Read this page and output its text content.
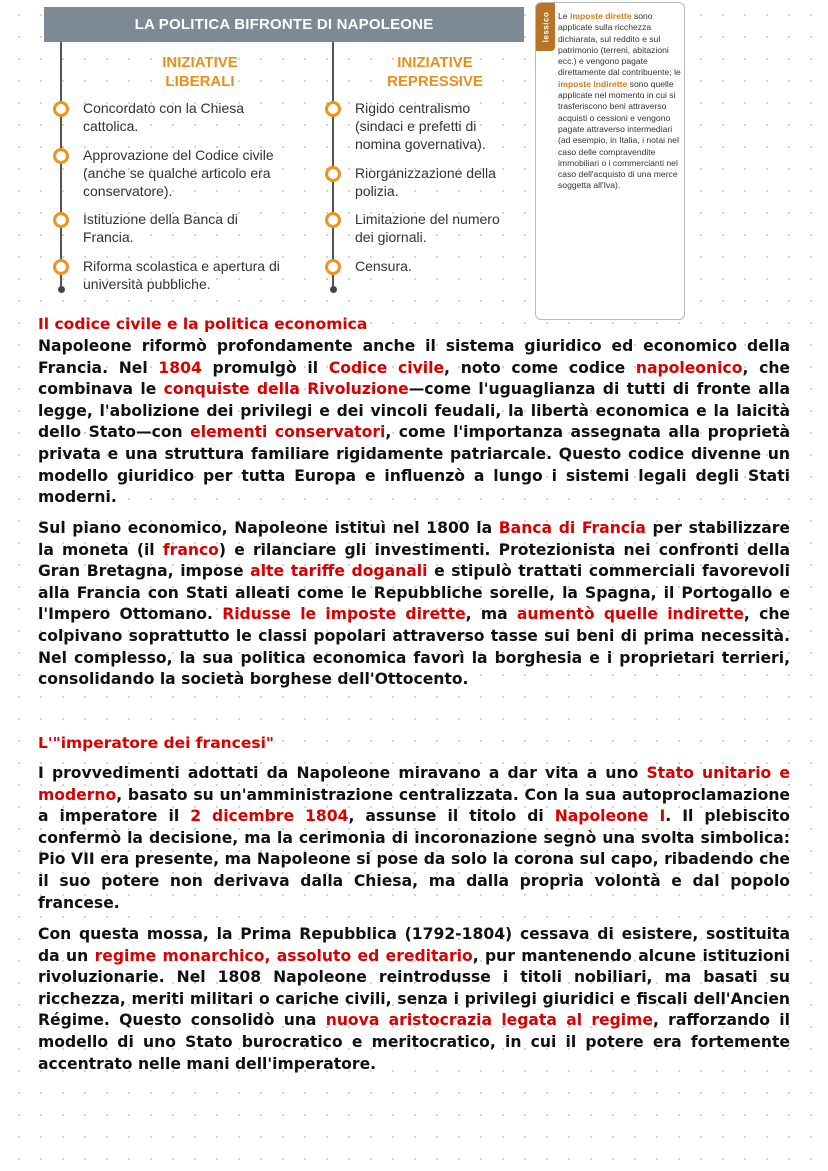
LA POLITICA BIFRONTE DI NAPOLEONE
INIZIATIVE
LIBERALI
INIZIATIVE
REPRESSIVE
Concordato con la Chiesa
cattolica.
Approvazione del Codice civile
(anche se qualche articolo era
conservatore).
Istituzione della Banca di
Francia.
Riforma scolastica e apertura di
università pubbliche.
Rigido centralismo
(sindaci e prefetti di
nomina governativa).
Riorganizzazione della
polizia.
Limitazione del numero
dei giornali.
Censura.
lessico Le imposte dirette sono applicate sulla ricchezza dichiarata, sul reddito e sul patrimonio (terreni, abitazioni ecc.) e vengono pagate direttamente dal contribuente; le imposte indirette sono quelle applicate nel momento in cui si trasferiscono beni attraverso acquisti o cessioni e vengono pagate attraverso intermediari (ad esempio, in Italia, i notai nel caso delle compravendite immobiliari o i commercianti nel caso dell'acquisto di una merce soggetta all'Iva).
Il codice civile e la politica economica

Napoleone riformò profondamente anche il sistema giuridico ed economico della Francia. Nel 1804 promulgò il Codice civile, noto come codice napoleonico, che combinava le conquiste della Rivoluzione—come l'uguaglianza di tutti di fronte alla legge, l'abolizione dei privilegi e dei vincoli feudali, la libertà economica e la laicità dello Stato—con elementi conservatori, come l'importanza assegnata alla proprietà privata e una struttura familiare rigidamente patriarcale. Questo codice divenne un modello giuridico per tutta Europa e influenzò a lungo i sistemi legali degli Stati moderni.

Sul piano economico, Napoleone istituì nel 1800 la Banca di Francia per stabilizzare la moneta (il franco) e rilanciare gli investimenti. Protezionista nei confronti della Gran Bretagna, impose alte tariffe doganali e stipulò trattati commerciali favorevoli alla Francia con Stati alleati come le Repubbliche sorelle, la Spagna, il Portogallo e l'Impero Ottomano. Ridusse le imposte dirette, ma aumentò quelle indirette, che colpivano soprattutto le classi popolari attraverso tasse sui beni di prima necessità. Nel complesso, la sua politica economica favorì la borghesia e i proprietari terrieri, consolidando la società borghese dell'Ottocento.

L'"imperatore dei francesi"

I provvedimenti adottati da Napoleone miravano a dar vita a uno Stato unitario e moderno, basato su un'amministrazione centralizzata. Con la sua autoproclamazione a imperatore il 2 dicembre 1804, assunse il titolo di Napoleone I. Il plebiscito confermò la decisione, ma la cerimonia di incoronazione segnò una svolta simbolica: Pio VII era presente, ma Napoleone si pose da solo la corona sul capo, ribadendo che il suo potere non derivava dalla Chiesa, ma dalla propria volontà e dal popolo francese.

Con questa mossa, la Prima Repubblica (1792-1804) cessava di esistere, sostituita da un regime monarchico, assoluto ed ereditario, pur mantenendo alcune istituzioni rivoluzionarie. Nel 1808 Napoleone reintrodusse i titoli nobiliari, ma basati su ricchezza, meriti militari o cariche civili, senza i privilegi giuridici e fiscali dell'Ancien Régime. Questo consolidò una nuova aristocrazia legata al regime, rafforzando il modello di uno Stato burocratico e meritocratico, in cui il potere era fortemente accentrato nelle mani dell'imperatore.
